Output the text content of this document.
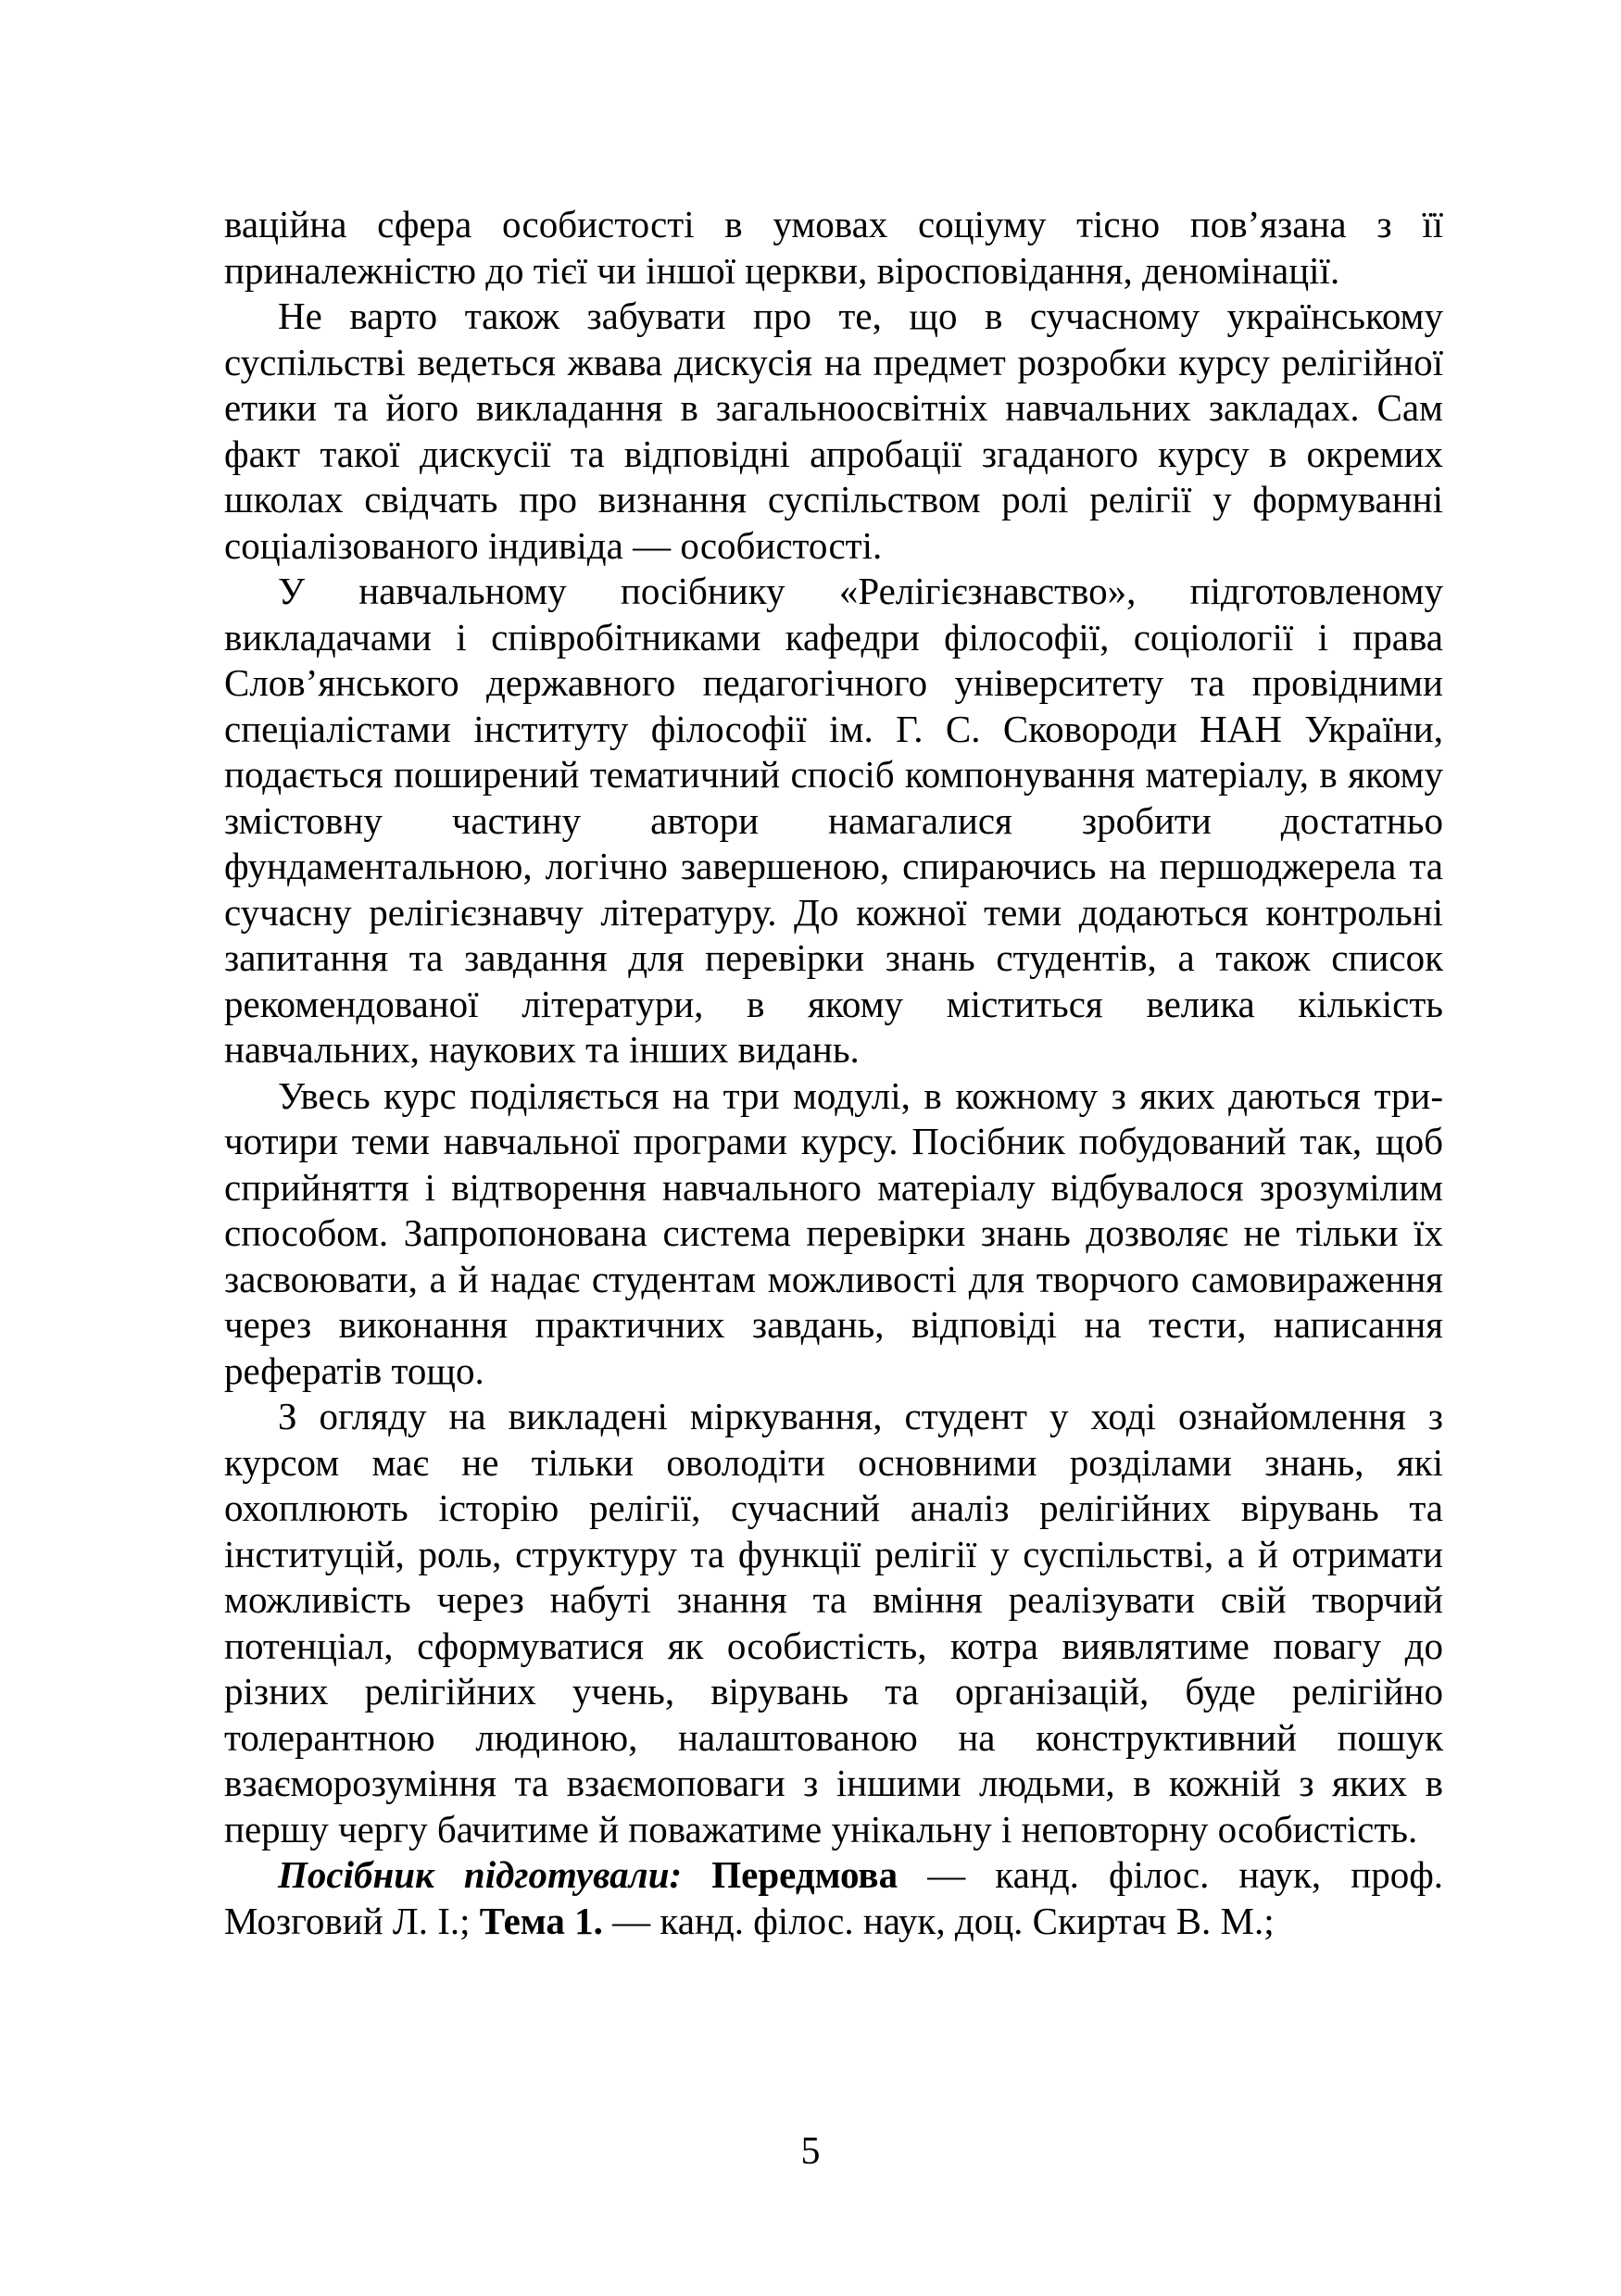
ваційна сфера особистості в умовах соціуму тісно пов’язана з її приналежністю до тієї чи іншої церкви, віросповідання, деномінації.

Не варто також забувати про те, що в сучасному українському суспільстві ведеться жвава дискусія на предмет розробки курсу релігійної етики та його викладання в загальноосвітніх навчальних закладах. Сам факт такої дискусії та відповідні апробації згаданого курсу в окремих школах свідчать про визнання суспільством ролі релігії у формуванні соціалізованого індивіда — особистості.

У навчальному посібнику «Релігієзнавство», підготовленому викладачами і співробітниками кафедри філософії, соціології і права Слов’янського державного педагогічного університету та провідними спеціалістами інституту філософії ім. Г. С. Сковороди НАН України, подається поширений тематичний спосіб компонування матеріалу, в якому змістовну частину автори намагалися зробити достатньо фундаментальною, логічно завершеною, спираючись на першоджерела та сучасну релігієзнавчу літературу. До кожної теми додаються контрольні запитання та завдання для перевірки знань студентів, а також список рекомендованої літератури, в якому міститься велика кількість навчальних, наукових та інших видань.

Увесь курс поділяється на три модулі, в кожному з яких даються три-чотири теми навчальної програми курсу. Посібник побудований так, щоб сприйняття і відтворення навчального матеріалу відбувалося зрозумілим способом. Запропонована система перевірки знань дозволяє не тільки їх засвоювати, а й надає студентам можливості для творчого самовираження через виконання практичних завдань, відповіді на тести, написання рефератів тощо.

З огляду на викладені міркування, студент у ході ознайомлення з курсом має не тільки оволодіти основними розділами знань, які охоплюють історію релігії, сучасний аналіз релігійних вірувань та інституцій, роль, структуру та функції релігії у суспільстві, а й отримати можливість через набуті знання та вміння реалізувати свій творчий потенціал, сформуватися як особистість, котра виявлятиме повагу до різних релігійних учень, вірувань та організацій, буде релігійно толерантною людиною, налаштованою на конструктивний пошук взаєморозуміння та взаємоповаги з іншими людьми, в кожній з яких в першу чергу бачитиме й поважатиме унікальну і неповторну особистість.

Посібник підготували: Передмова — канд. філос. наук, проф. Мозговий Л. І.; Тема 1. — канд. філос. наук, доц. Скиртач В. М.;

5
